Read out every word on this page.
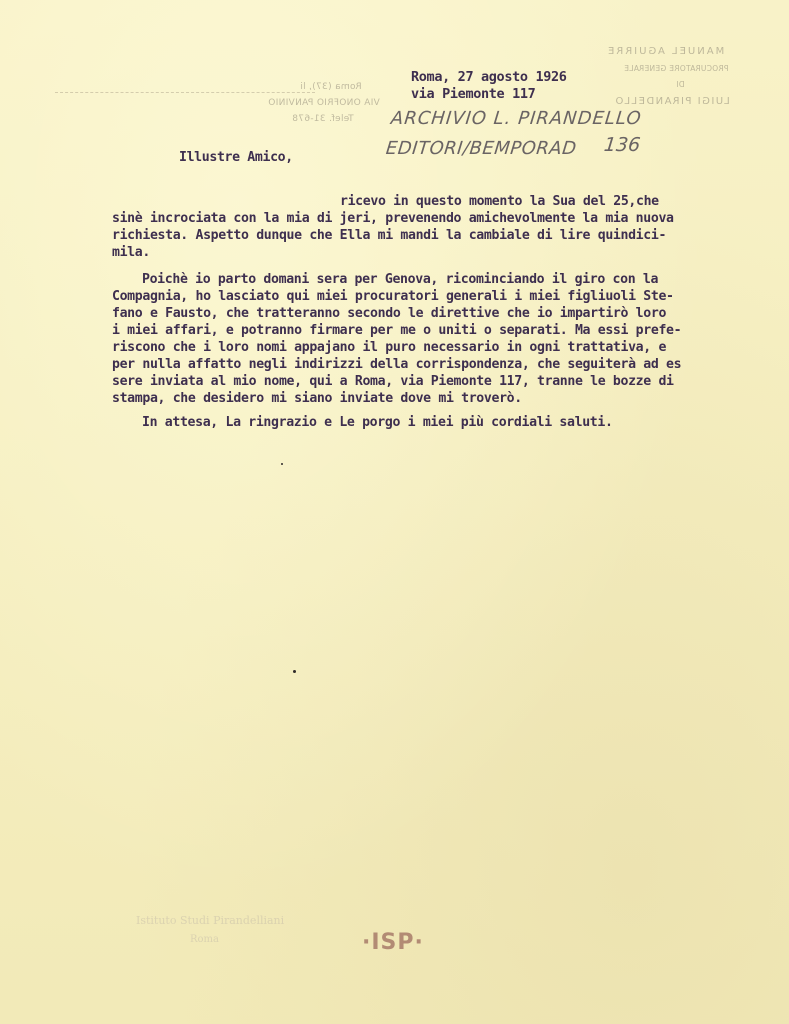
Roma (37), li
VIA ONOFRIO PANVINIO
Telef. 31-678
MANUEL AGUIRRE
PROCURATORE GENERALE
DI
LUIGI PIRANDELLO
Roma, 27 agosto 1926
via Piemonte 117
ARCHIVIO L. PIRANDELLO
EDITORI/BEMPORAD 136
Illustre Amico,
ricevo in questo momento la Sua del 25,che
sinè incrociata con la mia di jeri, prevenendo amichevolmente la mia nuova
richiesta. Aspetto dunque che Ella mi mandi la cambiale di lire quindici-
mila.
Poichè io parto domani sera per Genova, ricominciando il giro con la
Compagnia, ho lasciato qui miei procuratori generali i miei figliuoli Ste-
fano e Fausto, che tratteranno secondo le direttive che io impartirò loro
i miei affari, e potranno firmare per me o uniti o separati. Ma essi prefe-
riscono che i loro nomi appajano il puro necessario in ogni trattativa, e
per nulla affatto negli indirizzi della corrispondenza, che seguiterà ad es
sere inviata al mio nome, qui a Roma, via Piemonte 117, tranne le bozze di
stampa, che desidero mi siano inviate dove mi troverò.
In attesa, La ringrazio e Le porgo i miei più cordiali saluti.
Istituto Studi Pirandelliani
Roma	·ISP·
